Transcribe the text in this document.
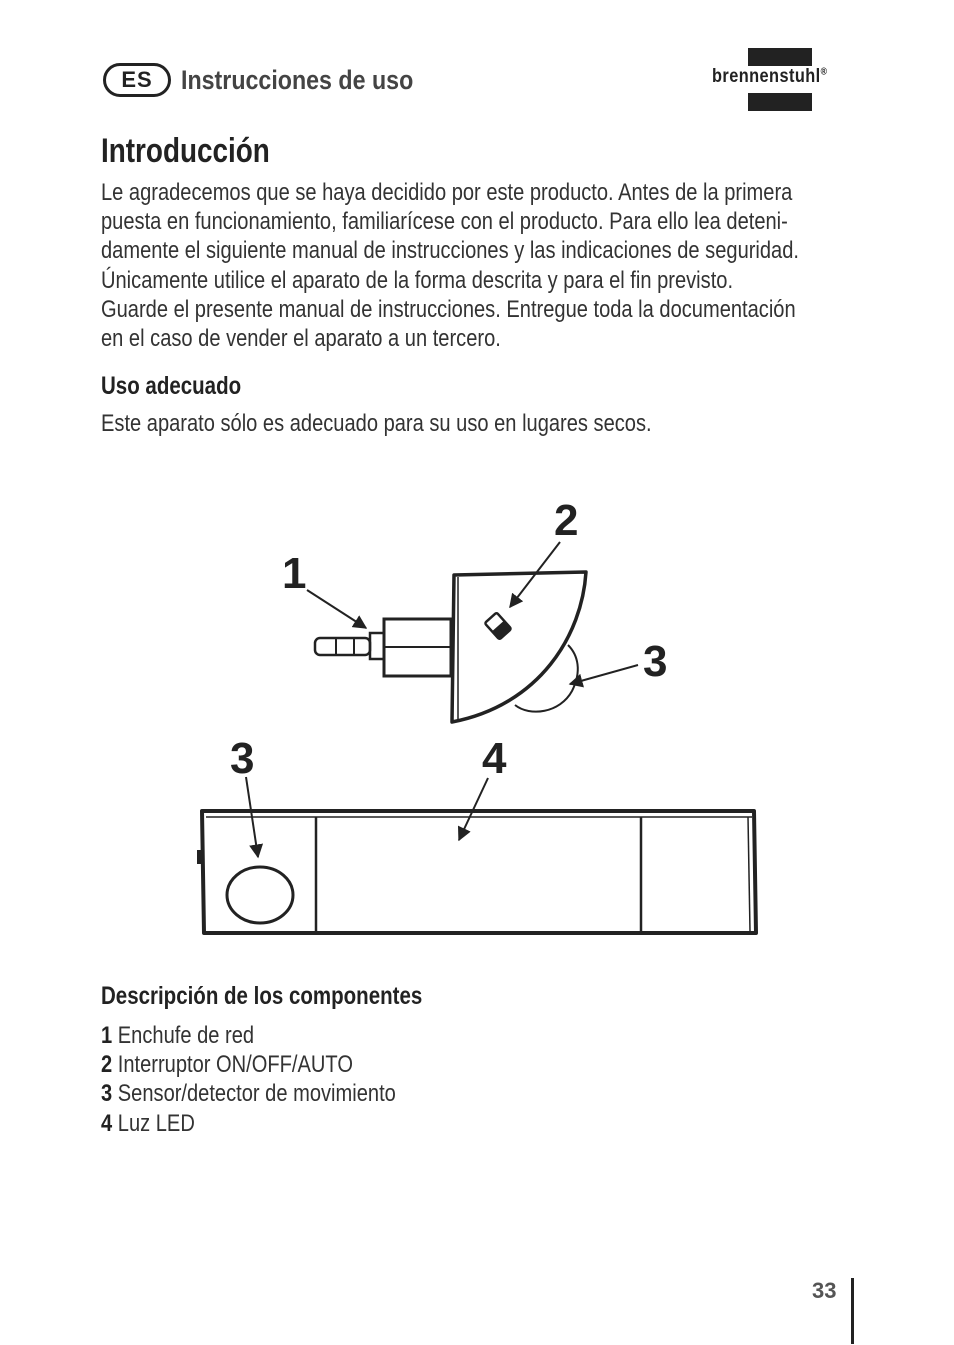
ES	Instrucciones de uso	brennenstuhl®
Introducción
Le agradecemos que se haya decidido por este producto. Antes de la primera
puesta en funcionamiento, familiarícese con el producto. Para ello lea deteni-
damente el siguiente manual de instrucciones y las indicaciones de seguridad.
Únicamente utilice el aparato de la forma descrita y para el fin previsto.
Guarde el presente manual de instrucciones. Entregue toda la documentación
en el caso de vender el aparato a un tercero.
Uso adecuado
Este aparato sólo es adecuado para su uso en lugares secos.
1
2
3
3	4
Descripción de los componentes
1 Enchufe de red
2 Interruptor ON/OFF/AUTO
3 Sensor/detector de movimiento
4 Luz LED
33
